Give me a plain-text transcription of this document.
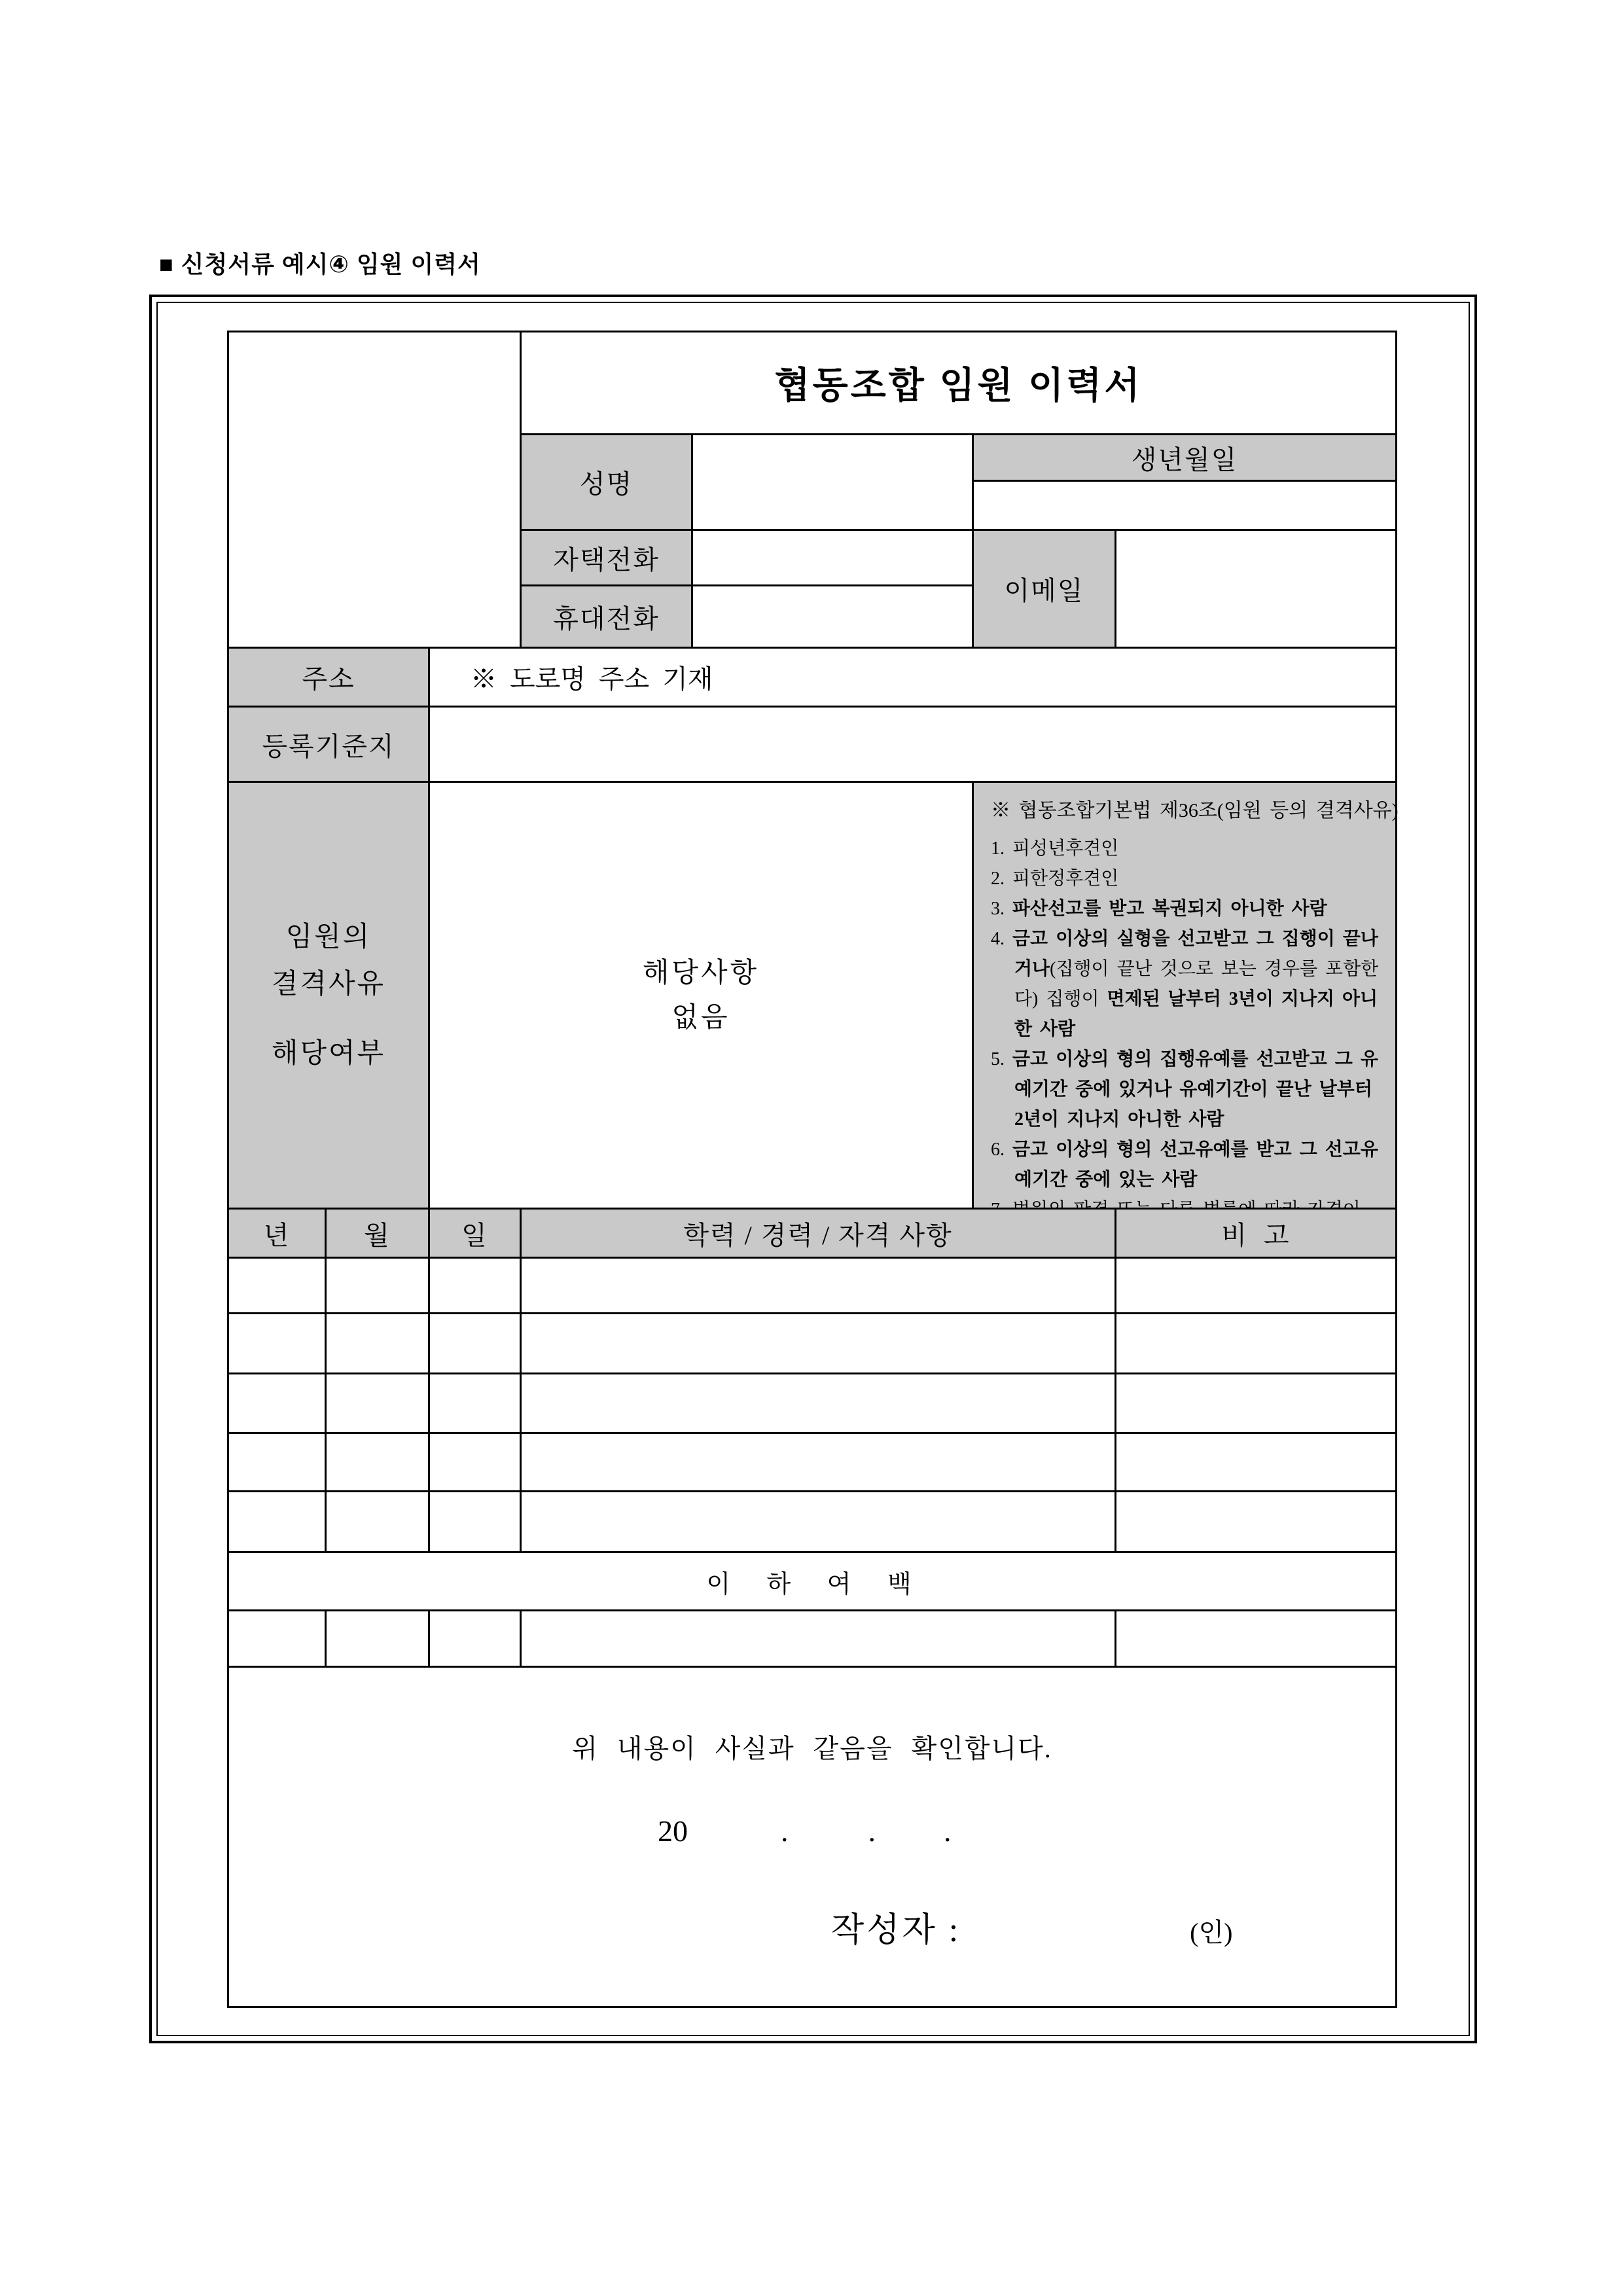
■ 신청서류 예시④ 임원 이력서
협동조합 임원 이력서
성명
생년월일
자택전화
이메일
휴대전화
주소	※ 도로명 주소 기재
등록기준지
임원의
결격사유
해당여부
해당사항
없음
※ 협동조합기본법 제36조(임원 등의 결격사유)
1. 피성년후견인
2. 피한정후견인
3. 파산선고를 받고 복권되지 아니한 사람
4. 금고 이상의 실형을 선고받고 그 집행이 끝나거나(집행이 끝난 것으로 보는 경우를 포함한다) 집행이 면제된 날부터 3년이 지나지 아니한 사람
5. 금고 이상의 형의 집행유예를 선고받고 그 유예기간 중에 있거나 유예기간이 끝난 날부터 2년이 지나지 아니한 사람
6. 금고 이상의 형의 선고유예를 받고 그 선고유예기간 중에 있는 사람
년	월	일	학력 / 경력 / 자격 사항	비  고
이 하 여 백
위 내용이 사실과 같음을 확인합니다.
20	.	. .
작성자 :	(인)
